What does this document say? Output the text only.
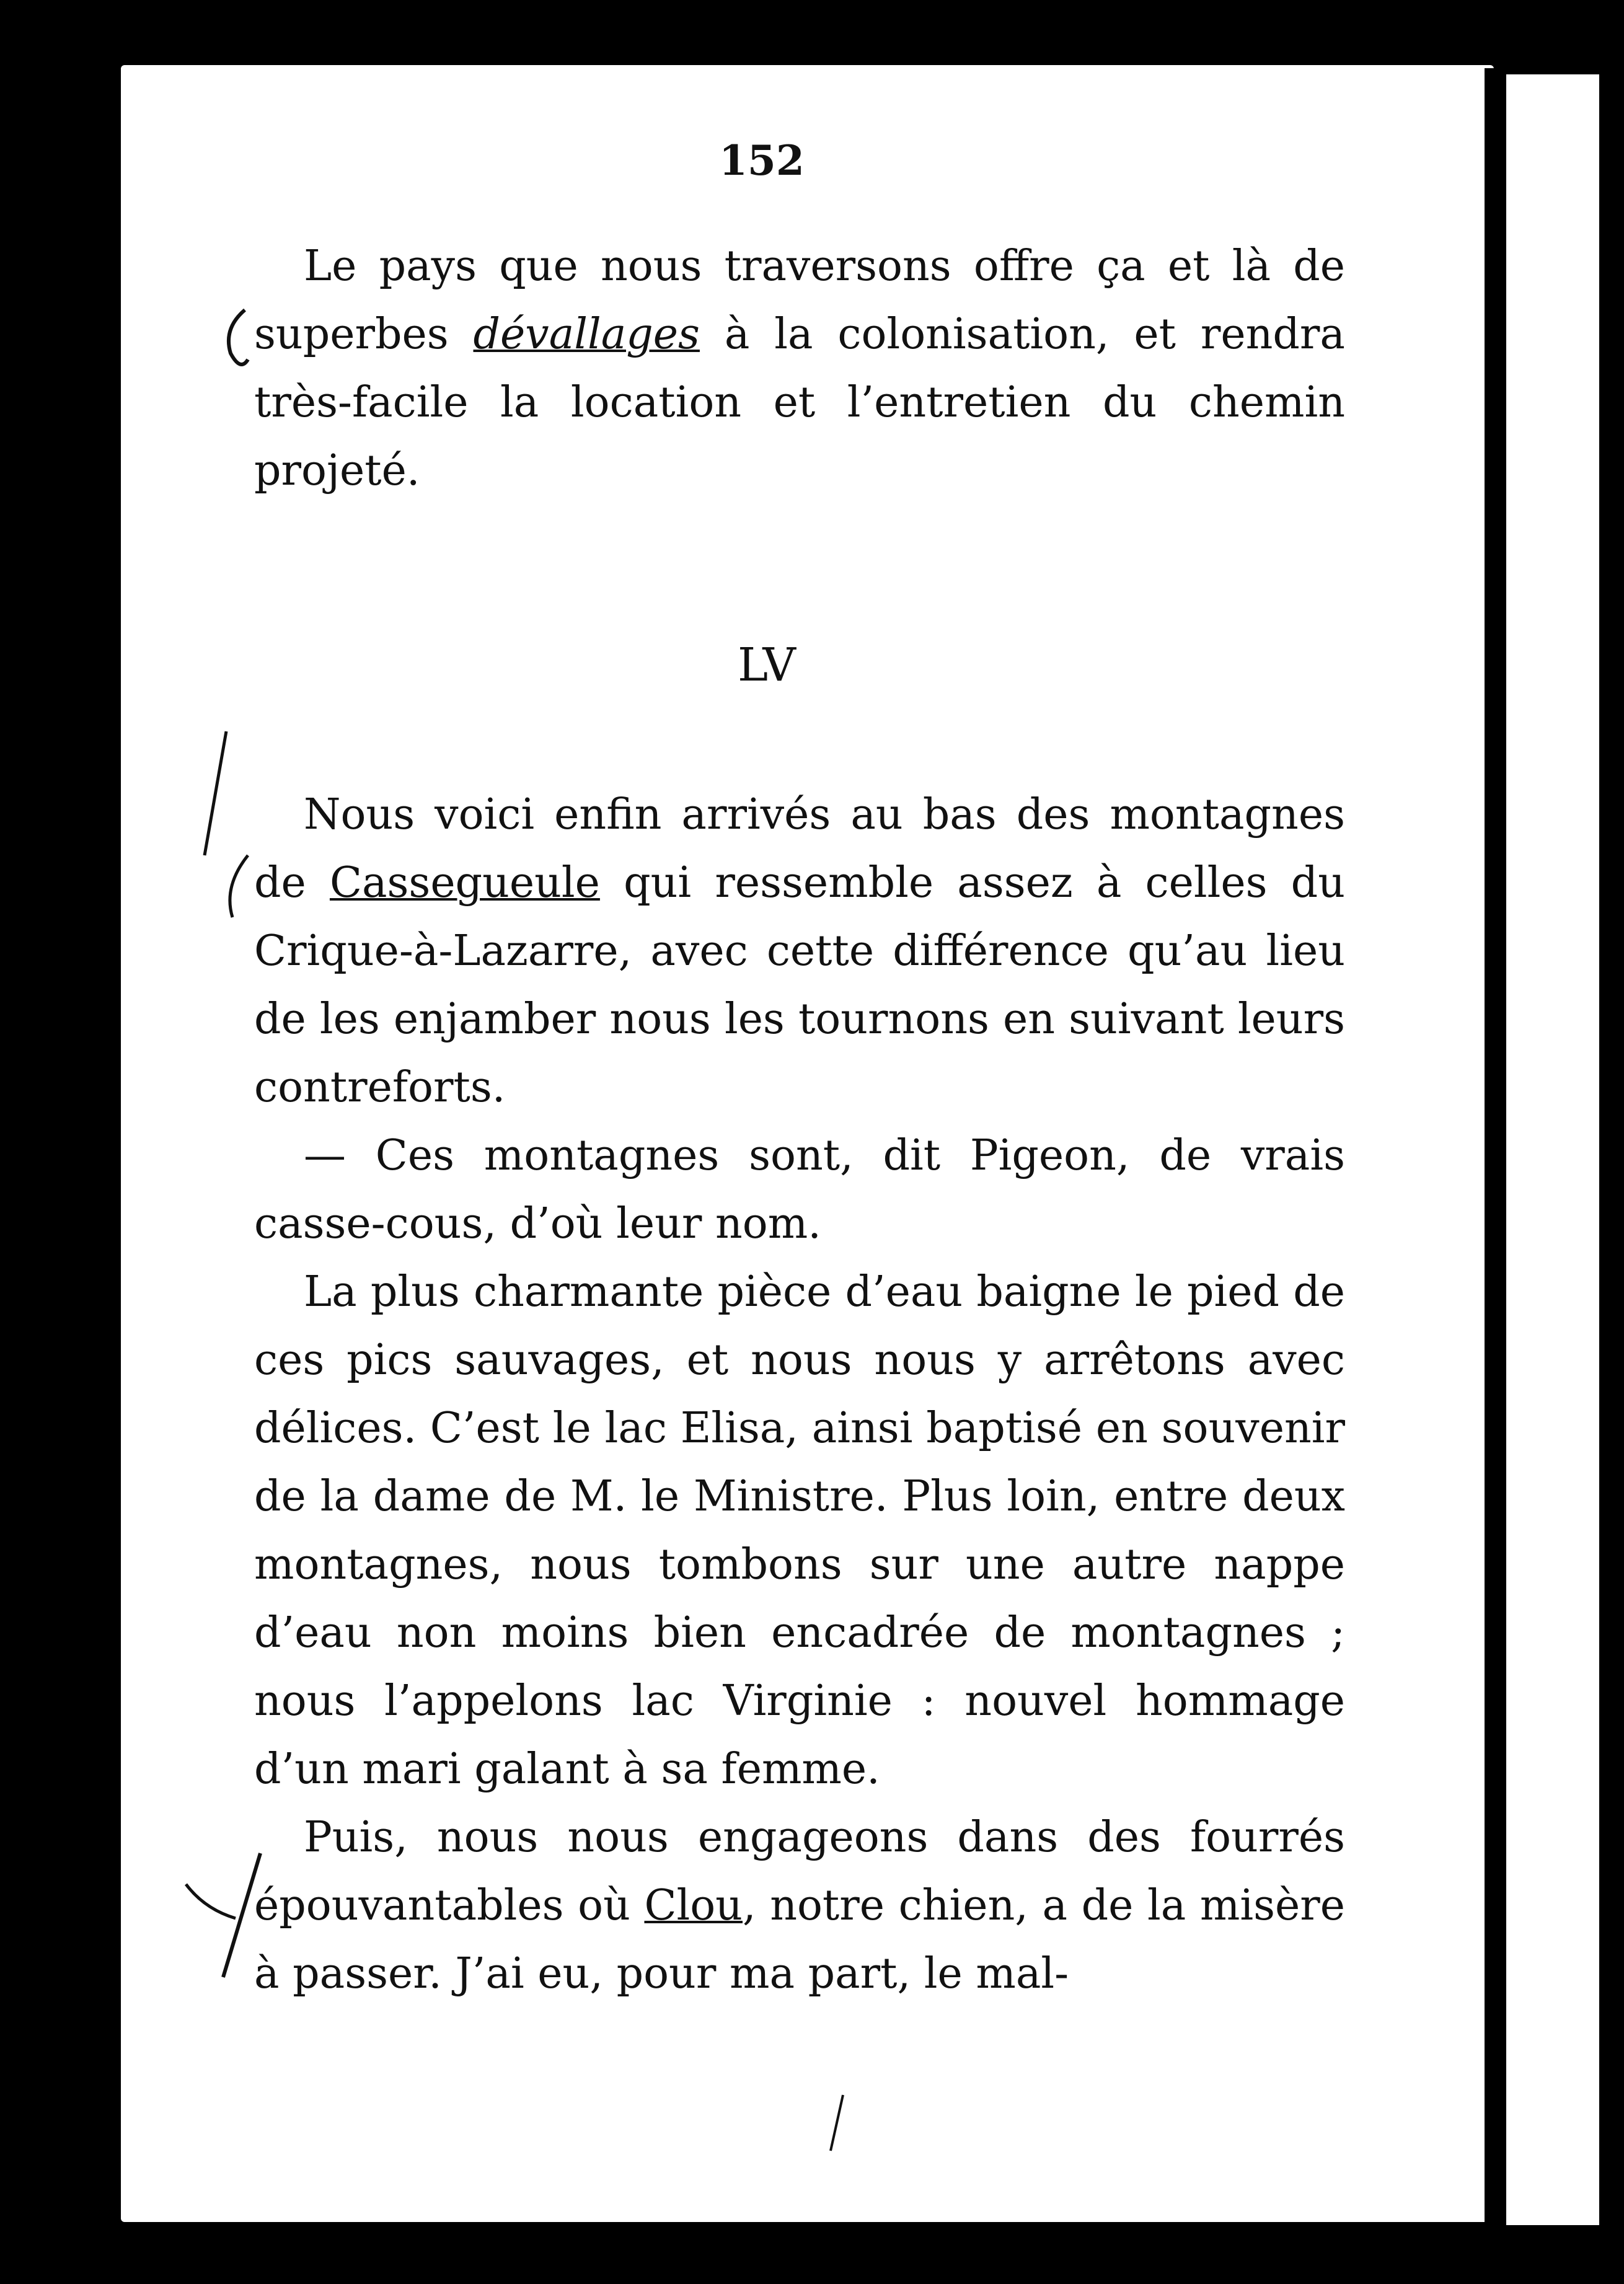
152

Le pays que nous traversons offre ça et là de superbes dévallages à la colonisation, et rendra très-facile la location et l’entretien du chemin projeté.

LV

Nous voici enfin arrivés au bas des montagnes de Cassegueule qui ressemble assez à celles du Crique-à-Lazarre, avec cette différence qu’au lieu de les enjamber nous les tournons en suivant leurs contreforts.

— Ces montagnes sont, dit Pigeon, de vrais casse-cous, d’où leur nom.

La plus charmante pièce d’eau baigne le pied de ces pics sauvages, et nous nous y arrêtons avec délices. C’est le lac Elisa, ainsi baptisé en souvenir de la dame de M. le Ministre. Plus loin, entre deux montagnes, nous tombons sur une autre nappe d’eau non moins bien encadrée de montagnes ; nous l’appelons lac Virginie : nouvel hommage d’un mari galant à sa femme.

Puis, nous nous engageons dans des fourrés épouvantables où Clou, notre chien, a de la misère à passer. J’ai eu, pour ma part, le mal-
